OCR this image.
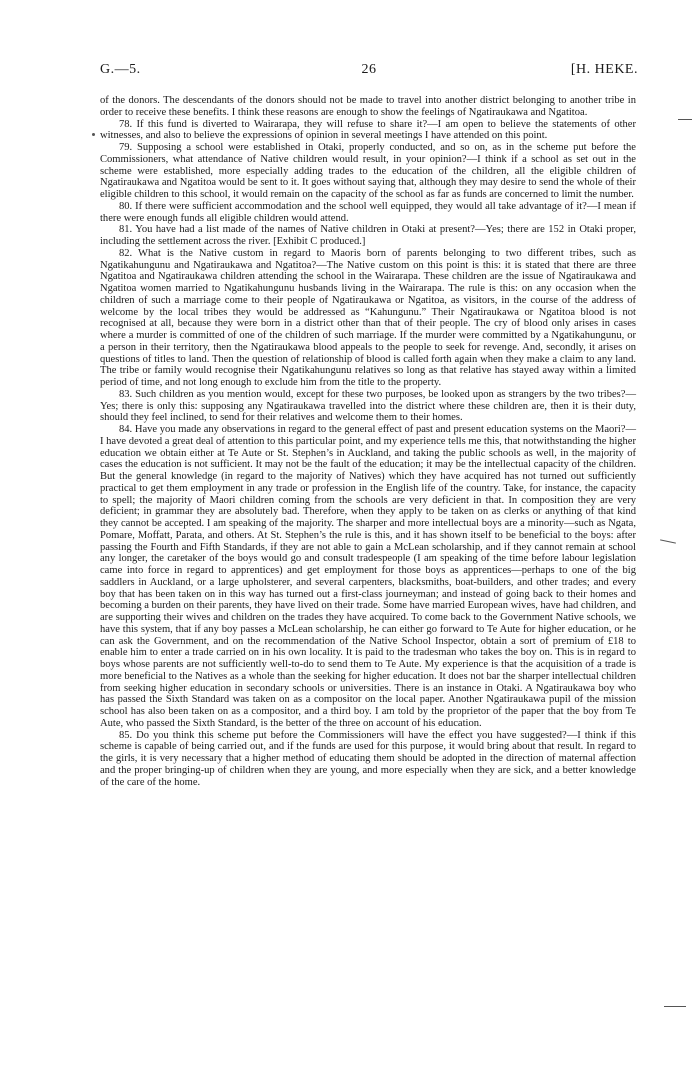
G.—5.	26	[H. HEKE.

of the donors. The descendants of the donors should not be made to travel into another district belonging to another tribe in order to receive these benefits. I think these reasons are enough to show the feelings of Ngatiraukawa and Ngatitoa.

78. If this fund is diverted to Wairarapa, they will refuse to share it?—I am open to believe the statements of other witnesses, and also to believe the expressions of opinion in several meetings I have attended on this point.

79. Supposing a school were established in Otaki, properly conducted, and so on, as in the scheme put before the Commissioners, what attendance of Native children would result, in your opinion?—I think if a school as set out in the scheme were established, more especially adding trades to the education of the children, all the eligible children of Ngatiraukawa and Ngatitoa would be sent to it. It goes without saying that, although they may desire to send the whole of their eligible children to this school, it would remain on the capacity of the school as far as funds are concerned to limit the number.

80. If there were sufficient accommodation and the school well equipped, they would all take advantage of it?—I mean if there were enough funds all eligible children would attend.

81. You have had a list made of the names of Native children in Otaki at present?—Yes; there are 152 in Otaki proper, including the settlement across the river. [Exhibit C produced.]

82. What is the Native custom in regard to Maoris born of parents belonging to two different tribes, such as Ngatikahungunu and Ngatiraukawa and Ngatitoa?—The Native custom on this point is this: it is stated that there are three Ngatitoa and Ngatiraukawa children attending the school in the Wairarapa. These children are the issue of Ngatiraukawa and Ngatitoa women married to Ngatikahungunu husbands living in the Wairarapa. The rule is this: on any occasion when the children of such a marriage come to their people of Ngatiraukawa or Ngatitoa, as visitors, in the course of the address of welcome by the local tribes they would be addressed as “Kahungunu.” Their Ngatiraukawa or Ngatitoa blood is not recognised at all, because they were born in a district other than that of their people. The cry of blood only arises in cases where a murder is committed of one of the children of such marriage. If the murder were committed by a Ngatikahungunu, or a person in their territory, then the Ngatiraukawa blood appeals to the people to seek for revenge. And, secondly, it arises on questions of titles to land. Then the question of relationship of blood is called forth again when they make a claim to any land. The tribe or family would recognise their Ngatikahungunu relatives so long as that relative has stayed away within a limited period of time, and not long enough to exclude him from the title to the property.

83. Such children as you mention would, except for these two purposes, be looked upon as strangers by the two tribes?—Yes; there is only this: supposing any Ngatiraukawa travelled into the district where these children are, then it is their duty, should they feel inclined, to send for their relatives and welcome them to their homes.

84. Have you made any observations in regard to the general effect of past and present education systems on the Maori?—I have devoted a great deal of attention to this particular point, and my experience tells me this, that notwithstanding the higher education we obtain either at Te Aute or St. Stephen’s in Auckland, and taking the public schools as well, in the majority of cases the education is not sufficient. It may not be the fault of the education; it may be the intellectual capacity of the children. But the general knowledge (in regard to the majority of Natives) which they have acquired has not turned out sufficiently practical to get them employment in any trade or profession in the English life of the country. Take, for instance, the capacity to spell; the majority of Maori children coming from the schools are very deficient in that. In composition they are very deficient; in grammar they are absolutely bad. Therefore, when they apply to be taken on as clerks or anything of that kind they cannot be accepted. I am speaking of the majority. The sharper and more intellectual boys are a minority—such as Ngata, Pomare, Moffatt, Parata, and others. At St. Stephen’s the rule is this, and it has shown itself to be beneficial to the boys: after passing the Fourth and Fifth Standards, if they are not able to gain a McLean scholarship, and if they cannot remain at school any longer, the caretaker of the boys would go and consult tradespeople (I am speaking of the time before labour legislation came into force in regard to apprentices) and get employment for those boys as apprentices—perhaps to one of the big saddlers in Auckland, or a large upholsterer, and several carpenters, blacksmiths, boat-builders, and other trades; and every boy that has been taken on in this way has turned out a first-class journeyman; and instead of going back to their homes and becoming a burden on their parents, they have lived on their trade. Some have married European wives, have had children, and are supporting their wives and children on the trades they have acquired. To come back to the Government Native schools, we have this system, that if any boy passes a McLean scholarship, he can either go forward to Te Aute for higher education, or he can ask the Government, and on the recommendation of the Native School Inspector, obtain a sort of premium of £18 to enable him to enter a trade carried on in his own locality. It is paid to the tradesman who takes the boy on. This is in regard to boys whose parents are not sufficiently well-to-do to send them to Te Aute. My experience is that the acquisition of a trade is more beneficial to the Natives as a whole than the seeking for higher education. It does not bar the sharper intellectual children from seeking higher education in secondary schools or universities. There is an instance in Otaki. A Ngatiraukawa boy who has passed the Sixth Standard was taken on as a compositor on the local paper. Another Ngatiraukawa pupil of the mission school has also been taken on as a compositor, and a third boy. I am told by the proprietor of the paper that the boy from Te Aute, who passed the Sixth Standard, is the better of the three on account of his education.

85. Do you think this scheme put before the Commissioners will have the effect you have suggested?—I think if this scheme is capable of being carried out, and if the funds are used for this purpose, it would bring about that result. In regard to the girls, it is very necessary that a higher method of educating them should be adopted in the direction of maternal affection and the proper bringing-up of children when they are young, and more especially when they are sick, and a better knowledge of the care of the home.
